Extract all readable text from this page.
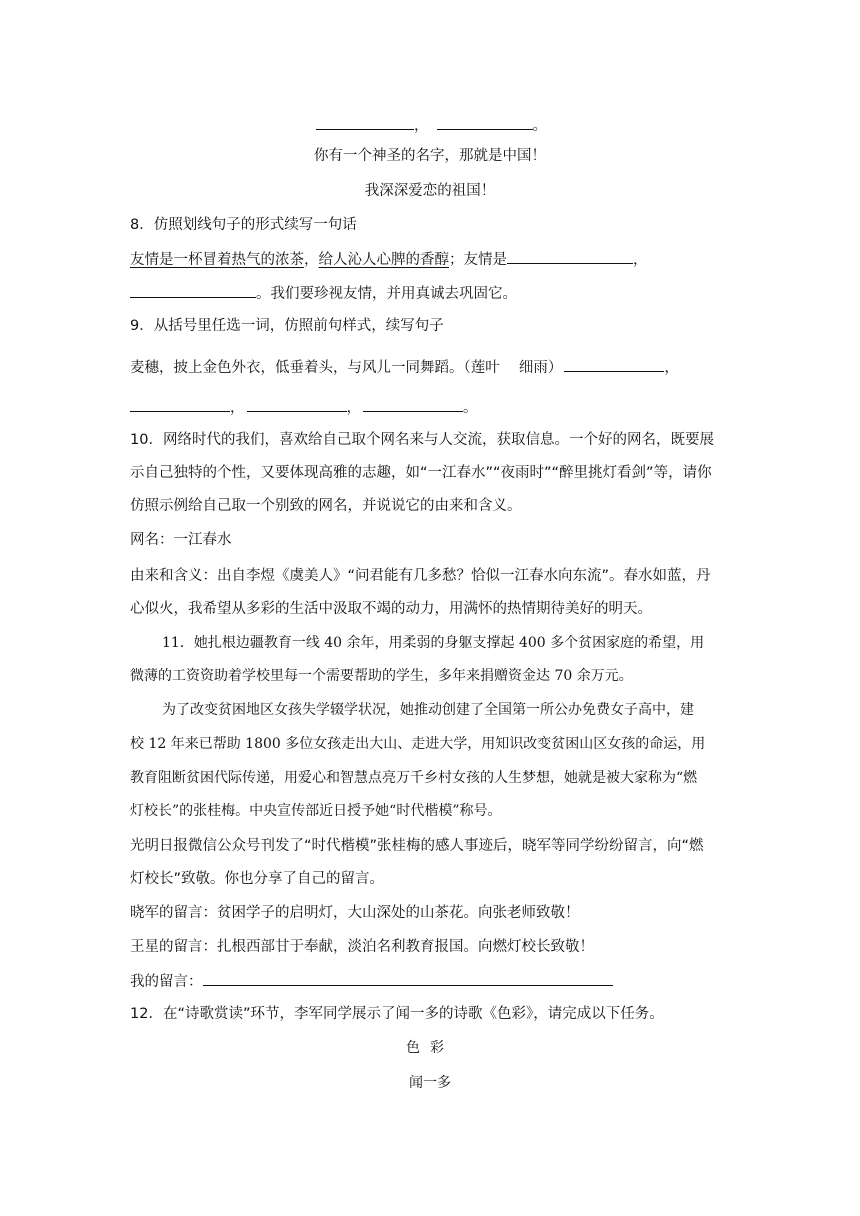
，	。
你有一个神圣的名字，那就是中国！
我深深爱恋的祖国！
8．仿照划线句子的形式续写一句话
友情是一杯冒着热气的浓茶，给人沁人心脾的香醇；友情是	，
。我们要珍视友情，并用真诚去巩固它。
9．从括号里任选一词，仿照前句样式，续写句子
麦穗，披上金色外衣，低垂着头，与风儿一同舞蹈。（莲叶　 细雨）	，
，	，	。
10．网络时代的我们，喜欢给自己取个网名来与人交流，获取信息。一个好的网名，既要展
示自己独特的个性，又要体现高雅的志趣，如“一江春水”“夜雨时”“醉里挑灯看剑”等，请你
仿照示例给自己取一个别致的网名，并说说它的由来和含义。
网名：一江春水
由来和含义：出自李煜《虞美人》“问君能有几多愁？恰似一江春水向东流”。春水如蓝，丹
心似火，我希望从多彩的生活中汲取不竭的动力，用满怀的热情期待美好的明天。
11．她扎根边疆教育一线 40 余年，用柔弱的身躯支撑起 400 多个贫困家庭的希望，用
微薄的工资资助着学校里每一个需要帮助的学生，多年来捐赠资金达 70 余万元。
为了改变贫困地区女孩失学辍学状况，她推动创建了全国第一所公办免费女子高中，建
校 12 年来已帮助 1800 多位女孩走出大山、走进大学，用知识改变贫困山区女孩的命运，用
教育阻断贫困代际传递，用爱心和智慧点亮万千乡村女孩的人生梦想，她就是被大家称为“燃
灯校长”的张桂梅。中央宣传部近日授予她“时代楷模”称号。
光明日报微信公众号刊发了“时代楷模”张桂梅的感人事迹后，晓军等同学纷纷留言，向“燃
灯校长”致敬。你也分享了自己的留言。
晓军的留言：贫困学子的启明灯，大山深处的山茶花。向张老师致敬！
王星的留言：扎根西部甘于奉献，淡泊名利教育报国。向燃灯校长致敬！
我的留言：
12．在“诗歌赏读”环节，李军同学展示了闻一多的诗歌《色彩》，请完成以下任务。
色彩
闻一多
